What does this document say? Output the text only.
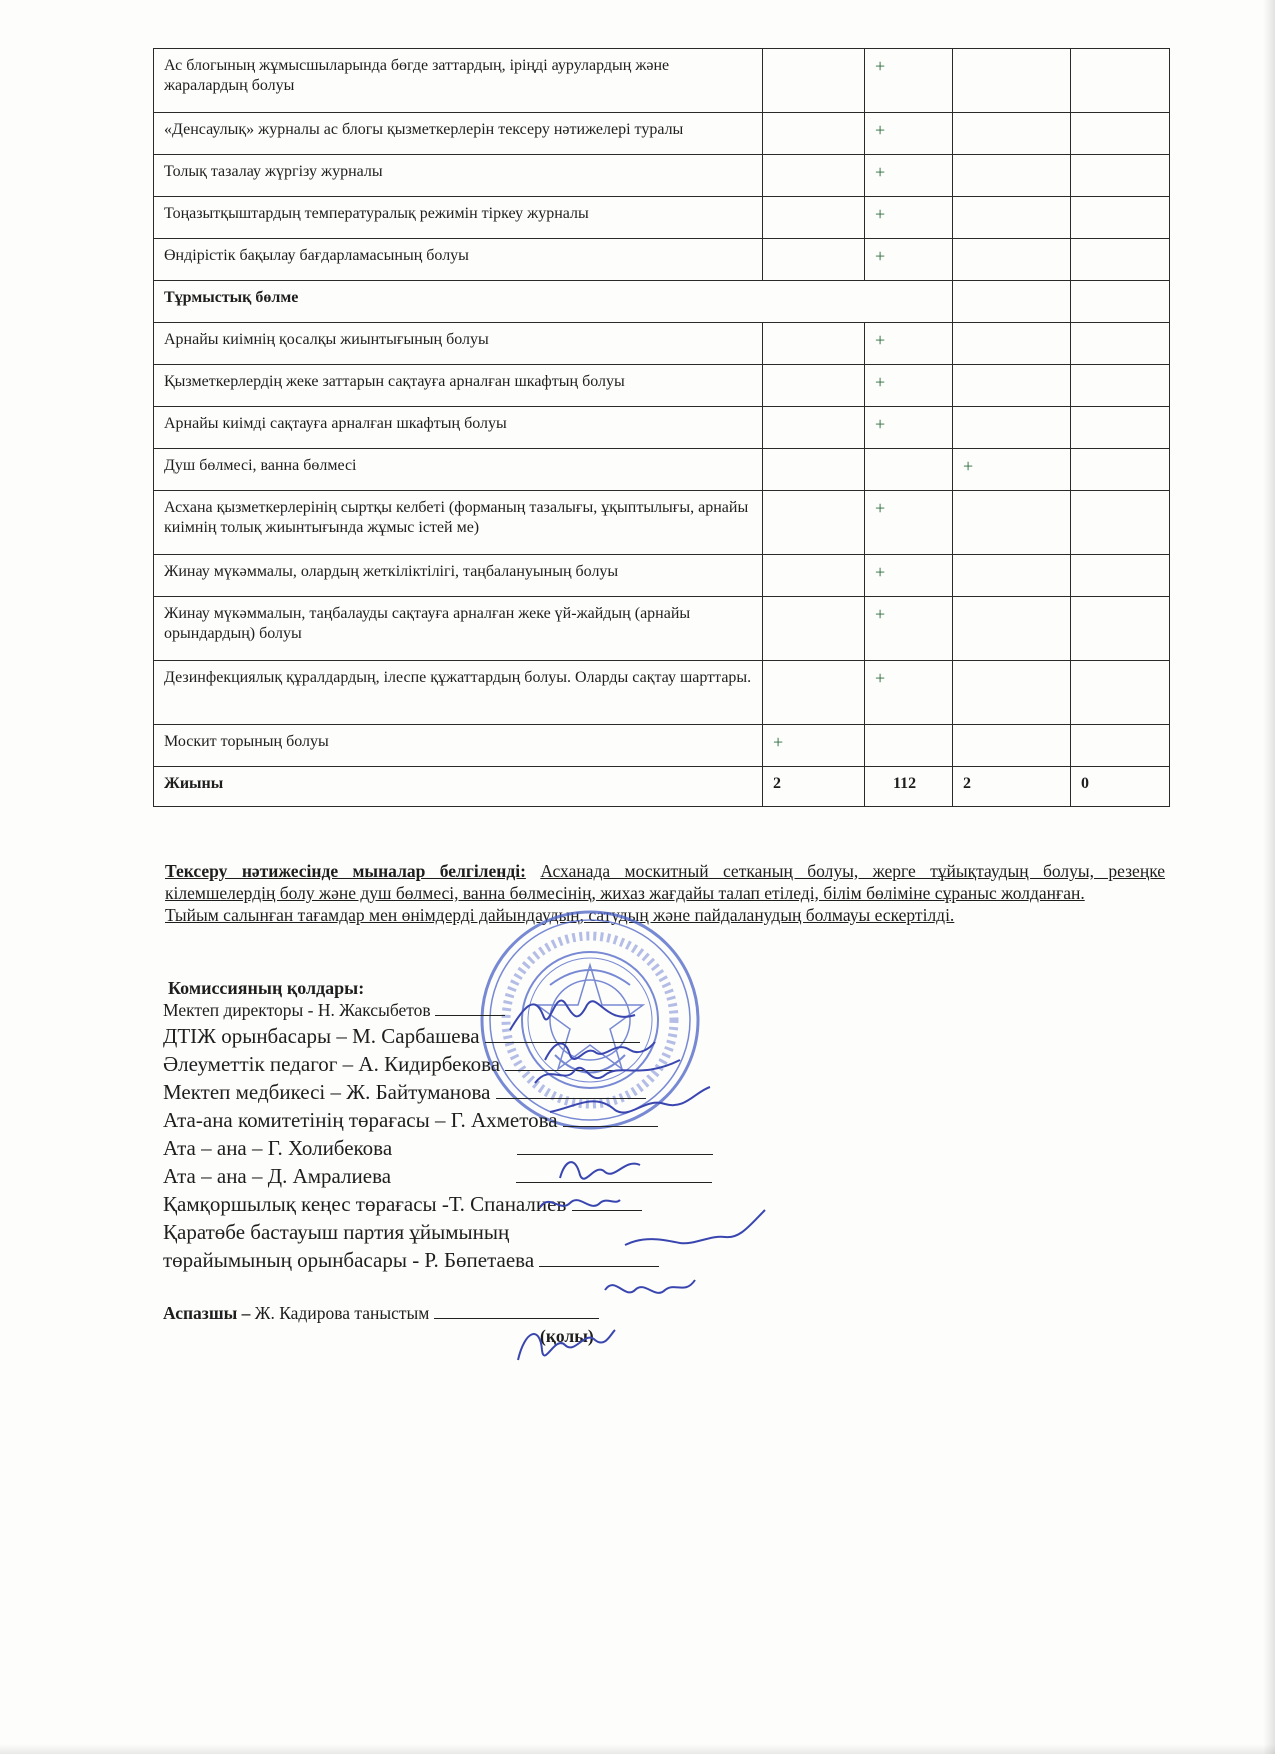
Ас блогының жұмысшыларында бөгде заттардың, іріңді аурулардың және жаралардың болуы		+		
«Денсаулық» журналы ас блогы қызметкерлерін тексеру нәтижелері туралы		+		
Толық тазалау жүргізу журналы		+		
Тоңазытқыштардың температуралық режимін тіркеу журналы		+		
Өндірістік бақылау бағдарламасының болуы		+		
Тұрмыстық бөлме				
Арнайы киімнің қосалқы жиынтығының болуы		+		
Қызметкерлердің жеке заттарын сақтауға арналған шкафтың болуы		+		
Арнайы киімді сақтауға арналған шкафтың болуы		+		
Душ бөлмесі, ванна бөлмесі			+	
Асхана қызметкерлерінің сыртқы келбеті (форманың тазалығы, ұқыптылығы, арнайы киімнің толық жиынтығында жұмыс істей ме)		+		
Жинау мүкәммалы, олардың жеткіліктілігі, таңбалануының болуы		+		
Жинау мүкәммалын, таңбалауды сақтауға арналған жеке үй-жайдың (арнайы орындардың) болуы		+		
Дезинфекциялық құралдардың, ілеспе құжаттардың болуы. Оларды сақтау шарттары.		+		
Москит торының болуы	+			
Жиыны	2	112	2	0
Тексеру нәтижесінде мыналар белгіленді: Асханада москитный сетканың болуы, жерге тұйықтаудың болуы, резеңке кілемшелердің болу және душ бөлмесі, ванна бөлмесінің, жихаз жағдайы талап етіледі, білім бөліміне сұраныс жолданған.
Тыйым салынған тағамдар мен өнімдерді дайындаудың, сатудың және пайдаланудың болмауы ескертілді.
Комиссияның қолдары:
Мектеп директоры - Н. Жаксыбетов
ДТІЖ орынбасары – М. Сарбашева
Әлеуметтік педагог – А. Кидирбекова
Мектеп медбикесі – Ж. Байтуманова
Ата-ана комитетінің төрағасы – Г. Ахметова
Ата – ана – Г. Холибекова
Ата – ана – Д. Амралиева
Қамқоршылық кеңес төрағасы -Т. Спаналиев
Қаратөбе бастауыш партия ұйымының
төрайымының орынбасары - Р. Бөпетаева
Аспазшы – Ж. Кадирова таныстым
(қолы)
